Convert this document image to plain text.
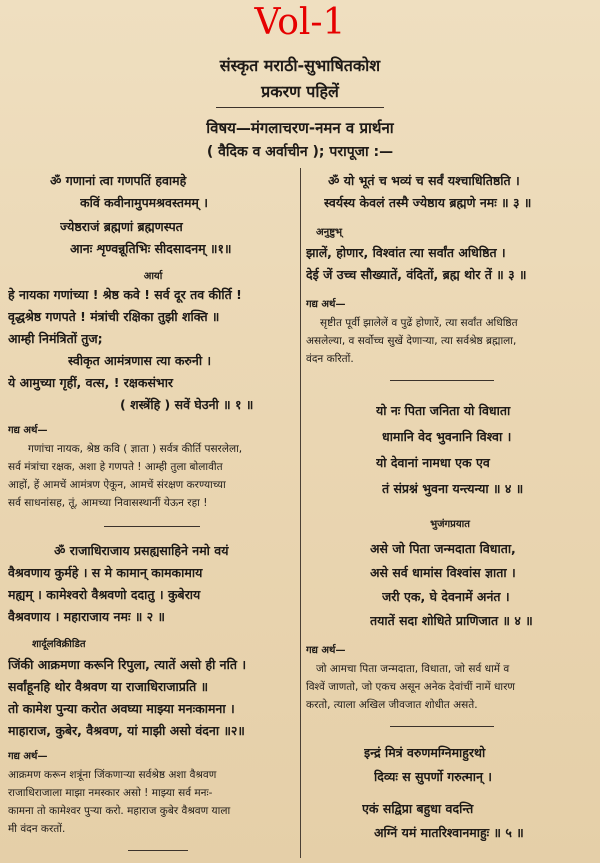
Vol-1
संस्कृत मराठी-सुभाषितकोश
प्रकरण पहिलें
विषय—मंगलाचरण-नमन व प्रार्थना
( वैदिक व अर्वाचीन ); परापूजा :—
ॐ गणानां त्वा गणपतिं हवामहे
कविं कवीनामुपमश्रवस्तमम् ।
ज्येष्ठराजं ब्रह्मणां ब्रह्मणस्पत
आनः शृण्वन्नूतिभिः सीदसादनम् ॥१॥
आर्या
हे नायका गणांच्या ! श्रेष्ठ कवे ! सर्व दूर तव कीर्ति !
वृद्धश्रेष्ठ गणपते ! मंत्रांची रक्षिका तुझी शक्ति ॥
आम्ही निमंत्रितों तुज;
स्वीकृत आमंत्रणास त्या करुनी ।
ये आमुच्या गृहीं, वत्स, ! रक्षकसंभार
( शस्त्रेंहि ) सवें घेउनी ॥ १ ॥
गद्य अर्थ—
गणांचा नायक, श्रेष्ठ कवि ( ज्ञाता ) सर्वत्र कीर्ति पसरलेला,
सर्व मंत्रांचा रक्षक, अशा हे गणपते ! आम्ही तुला बोलावीत
आहों, हें आमचें आमंत्रण ऐकून, आमचें संरक्षण करण्याच्या
सर्व साधनांसह, तूं, आमच्या निवासस्थानीं येऊन रहा !
ॐ राजाधिराजाय प्रसह्यसाहिने नमो वयं
वैश्रवणाय कुर्महे । स मे कामान् कामकामाय
मह्यम् । कामेश्वरो वैश्रवणो ददातु । कुबेराय
वैश्रवणाय । महाराजाय नमः ॥ २ ॥
शार्दूलविक्रीडित
जिंकी आक्रमणा करूनि रिपुला, त्यातें असो ही नति ।
सर्वांहूनहि थोर वैश्रवण या राजाधिराजाप्रति ॥
तो कामेश पुन्या करोत अवघ्या माझ्या मनःकामना ।
माहाराज, कुबेर, वैश्रवण, यां माझी असो वंदना ॥२॥
गद्य अर्थ—
आक्रमण करून शत्रूंना जिंकणाऱ्या सर्वश्रेष्ठ अशा वैश्रवण
राजाधिराजाला माझा नमस्कार असो ! माझ्या सर्व मनः-
कामना तो कामेश्वर पुऱ्या करो. महाराज कुबेर वैश्रवण याला
मी वंदन करतों.
ॐ यो भूतं च भव्यं च सर्वं यश्चाधितिष्ठति ।
स्वर्यस्य केवलं तस्मै ज्येष्ठाय ब्रह्मणे नमः ॥ ३ ॥
अनुष्टुभ्
झालें, होणार, विश्वांत त्या सर्वांत अधिष्ठित ।
देई जें उच्च सौख्यातें, वंदितों, ब्रह्म थोर तें ॥ ३ ॥
गद्य अर्थ—
सृष्टीत पूर्वी झालेलें व पुढें होणारें, त्या सर्वांत अधिष्ठित
असलेल्या, व सर्वोच्च सुखें देणाऱ्या, त्या सर्वश्रेष्ठ ब्रह्माला,
वंदन करितों.
यो नः पिता जनिता यो विधाता
धामानि वेद भुवनानि विश्वा ।
यो देवानां नामधा एक एव
तं संप्रश्नं भुवना यन्त्यन्या ॥ ४ ॥
भुजंगप्रयात
असे जो पिता जन्मदाता विधाता,
असे सर्व धामांस विश्वांस ज्ञाता ।
जरी एक, घे देवनामें अनंत ।
तयातें सदा शोधिते प्राणिजात ॥ ४ ॥
गद्य अर्थ—
जो आमचा पिता जन्मदाता, विधाता, जो सर्व धामें व
विश्वें जाणतो, जो एकच असून अनेक देवांचीं नामें धारण
करतो, त्याला अखिल जीवजात शोधीत असते.
इन्द्रं मित्रं वरुणमग्निमाहुरथो
दिव्यः स सुपर्णो गरुत्मान् ।
एकं सद्विप्रा बहुधा वदन्ति
अग्निं यमं मातरिश्वानमाहुः ॥ ५ ॥
